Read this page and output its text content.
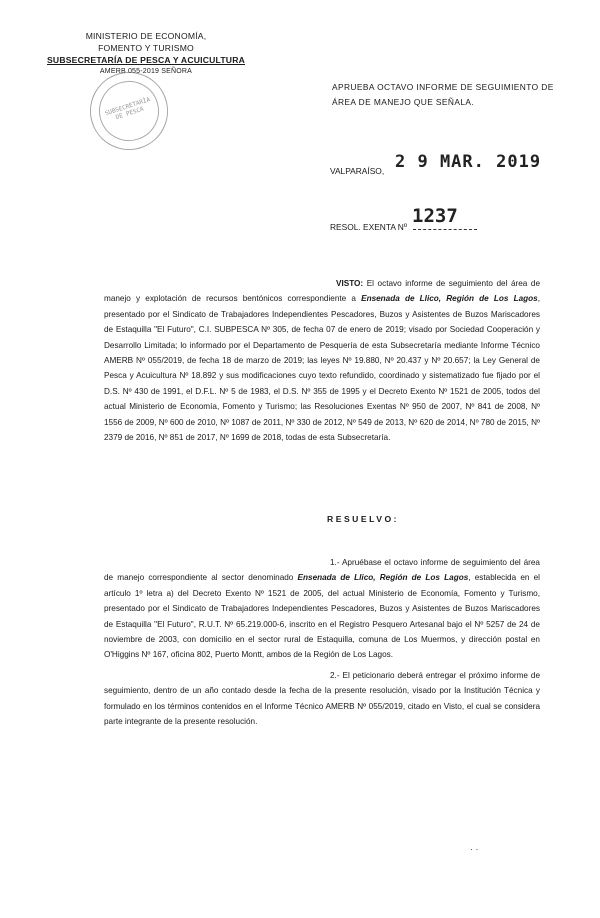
MINISTERIO DE ECONOMÍA,
FOMENTO Y TURISMO
SUBSECRETARÍA DE PESCA Y ACUICULTURA
AMERB 055-2019 SEÑORA
SUBSECRETARÍA DE PESCA
APRUEBA OCTAVO INFORME DE SEGUIMIENTO DE ÁREA DE MANEJO QUE SEÑALA.
VALPARAÍSO, 2 9 MAR. 2019
RESOL. EXENTA Nº 1237
VISTO: El octavo informe de seguimiento del área de manejo y explotación de recursos bentónicos correspondiente a Ensenada de Llico, Región de Los Lagos, presentado por el Sindicato de Trabajadores Independientes Pescadores, Buzos y Asistentes de Buzos Mariscadores de Estaquilla "El Futuro", C.I. SUBPESCA Nº 305, de fecha 07 de enero de 2019; visado por Sociedad Cooperación y Desarrollo Limitada; lo informado por el Departamento de Pesquería de esta Subsecretaría mediante Informe Técnico AMERB Nº 055/2019, de fecha 18 de marzo de 2019; las leyes Nº 19.880, Nº 20.437 y Nº 20.657; la Ley General de Pesca y Acuicultura Nº 18.892 y sus modificaciones cuyo texto refundido, coordinado y sistematizado fue fijado por el D.S. Nº 430 de 1991, el D.F.L. Nº 5 de 1983, el D.S. Nº 355 de 1995 y el Decreto Exento Nº 1521 de 2005, todos del actual Ministerio de Economía, Fomento y Turismo; las Resoluciones Exentas Nº 950 de 2007, Nº 841 de 2008, Nº 1556 de 2009, Nº 600 de 2010, Nº 1087 de 2011, Nº 330 de 2012, Nº 549 de 2013, Nº 620 de 2014, Nº 780 de 2015, Nº 2379 de 2016, Nº 851 de 2017, Nº 1699 de 2018, todas de esta Subsecretaría.
RESUELVO:
1.- Apruébase el octavo informe de seguimiento del área de manejo correspondiente al sector denominado Ensenada de Llico, Región de Los Lagos, establecida en el artículo 1º letra a) del Decreto Exento Nº 1521 de 2005, del actual Ministerio de Economía, Fomento y Turismo, presentado por el Sindicato de Trabajadores Independientes Pescadores, Buzos y Asistentes de Buzos Mariscadores de Estaquilla "El Futuro", R.U.T. Nº 65.219.000-6, inscrito en el Registro Pesquero Artesanal bajo el Nº 5257 de 24 de noviembre de 2003, con domicilio en el sector rural de Estaquilla, comuna de Los Muermos, y dirección postal en O'Higgins Nº 167, oficina 802, Puerto Montt, ambos de la Región de Los Lagos.
2.- El peticionario deberá entregar el próximo informe de seguimiento, dentro de un año contado desde la fecha de la presente resolución, visado por la Institución Técnica y formulado en los términos contenidos en el Informe Técnico AMERB Nº 055/2019, citado en Visto, el cual se considera parte integrante de la presente resolución.
· ·
